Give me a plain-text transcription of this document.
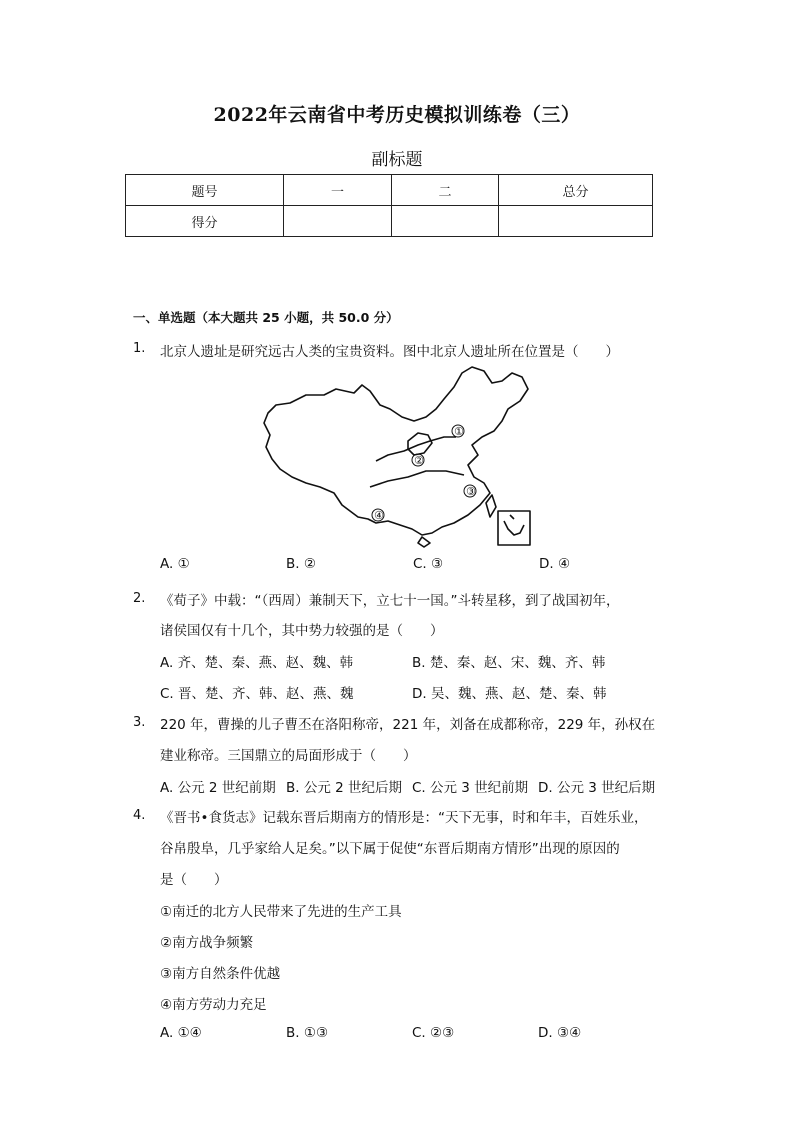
2022年云南省中考历史模拟训练卷（三）
副标题
题号	一	二	总分
得分			
一、单选题（本大题共 25 小题，共 50.0 分）
1. 北京人遗址是研究远古人类的宝贵资料。图中北京人遗址所在位置是（　　）
①
②
③
④
A. ①	B. ②	C. ③	D. ④
2. 《荀子》中载：“（西周）兼制天下，立七十一国。”斗转星移，到了战国初年，
诸侯国仅有十几个，其中势力较强的是（　　）
A. 齐、楚、秦、燕、赵、魏、韩	B. 楚、秦、赵、宋、魏、齐、韩
C. 晋、楚、齐、韩、赵、燕、魏	D. 吴、魏、燕、赵、楚、秦、韩
3. 220 年，曹操的儿子曹丕在洛阳称帝，221 年，刘备在成都称帝，229 年，孙权在
建业称帝。三国鼎立的局面形成于（　　）
A. 公元 2 世纪前期 B. 公元 2 世纪后期 C. 公元 3 世纪前期 D. 公元 3 世纪后期
4. 《晋书•食货志》记载东晋后期南方的情形是：“天下无事，时和年丰，百姓乐业，
谷帛殷阜，几乎家给人足矣。”以下属于促使“东晋后期南方情形”出现的原因的
是（　　）
①南迁的北方人民带来了先进的生产工具
②南方战争频繁
③南方自然条件优越
④南方劳动力充足
A. ①④	B. ①③	C. ②③	D. ③④
